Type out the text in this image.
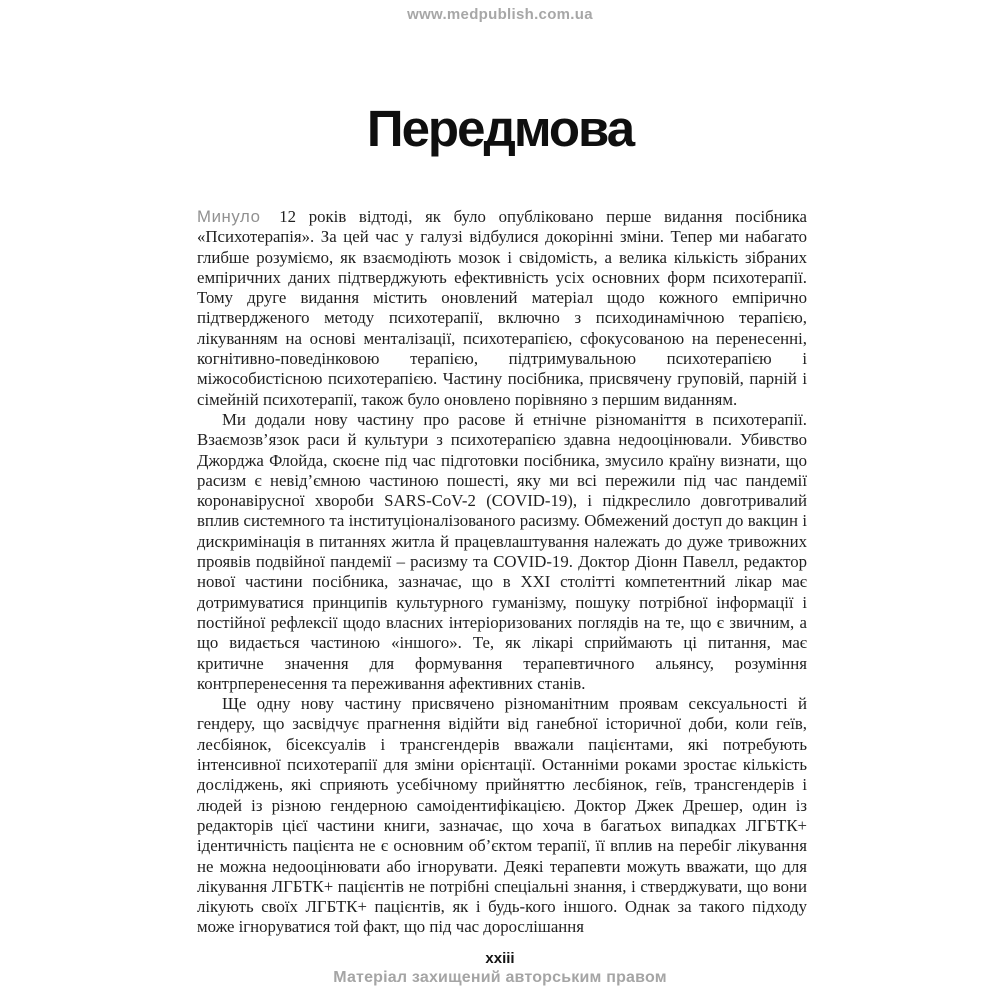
www.medpublish.com.ua
Передмова

Минуло 12 років відтоді, як було опубліковано перше видання посібника «Психотерапія». За цей час у галузі відбулися докорінні зміни. Тепер ми набагато глибше розуміємо, як взаємодіють мозок і свідомість, а велика кількість зібраних емпіричних даних підтверджують ефективність усіх основних форм психотерапії. Тому друге видання містить оновлений матеріал щодо кожного емпірично підтвердженого методу психотерапії, включно з психодинамічною терапією, лікуванням на основі менталізації, психотерапією, сфокусованою на перенесенні, когнітивно-поведінковою терапією, підтримувальною психотерапією і міжособистісною психотерапією. Частину посібника, присвячену груповій, парній і сімейній психотерапії, також було оновлено порівняно з першим виданням.

Ми додали нову частину про расове й етнічне різноманіття в психотерапії. Взаємозв’язок раси й культури з психотерапією здавна недооцінювали. Убивство Джорджа Флойда, скоєне під час підготовки посібника, змусило країну визнати, що расизм є невід’ємною частиною пошесті, яку ми всі пережили під час пандемії коронавірусної хвороби SARS-CoV-2 (COVID-19), і підкреслило довготривалий вплив системного та інституціоналізованого расизму. Обмежений доступ до вакцин і дискримінація в питаннях житла й працевлаштування належать до дуже тривожних проявів подвійної пандемії – расизму та COVID-19. Доктор Діонн Павелл, редактор нової частини посібника, зазначає, що в XXI столітті компетентний лікар має дотримуватися принципів культурного гуманізму, пошуку потрібної інформації і постійної рефлексії щодо власних інтеріоризованих поглядів на те, що є звичним, а що видається частиною «іншого». Те, як лікарі сприймають ці питання, має критичне значення для формування терапевтичного альянсу, розуміння контрперенесення та переживання афективних станів.

Ще одну нову частину присвячено різноманітним проявам сексуальності й гендеру, що засвідчує прагнення відійти від ганебної історичної доби, коли геїв, лесбіянок, бісексуалів і трансгендерів вважали пацієнтами, які потребують інтенсивної психотерапії для зміни орієнтації. Останніми роками зростає кількість досліджень, які сприяють усебічному прийняттю лесбіянок, геїв, трансгендерів і людей із різною гендерною самоідентифікацією. Доктор Джек Дрешер, один із редакторів цієї частини книги, зазначає, що хоча в багатьох випадках ЛГБТК+ ідентичність пацієнта не є основним об’єктом терапії, її вплив на перебіг лікування не можна недооцінювати або ігнорувати. Деякі терапевти можуть вважати, що для лікування ЛГБТК+ пацієнтів не потрібні спеціальні знання, і стверджувати, що вони лікують своїх ЛГБТК+ пацієнтів, як і будь-кого іншого. Однак за такого підходу може ігноруватися той факт, що під час дорослішання

xxiii
Матеріал захищений авторським правом
